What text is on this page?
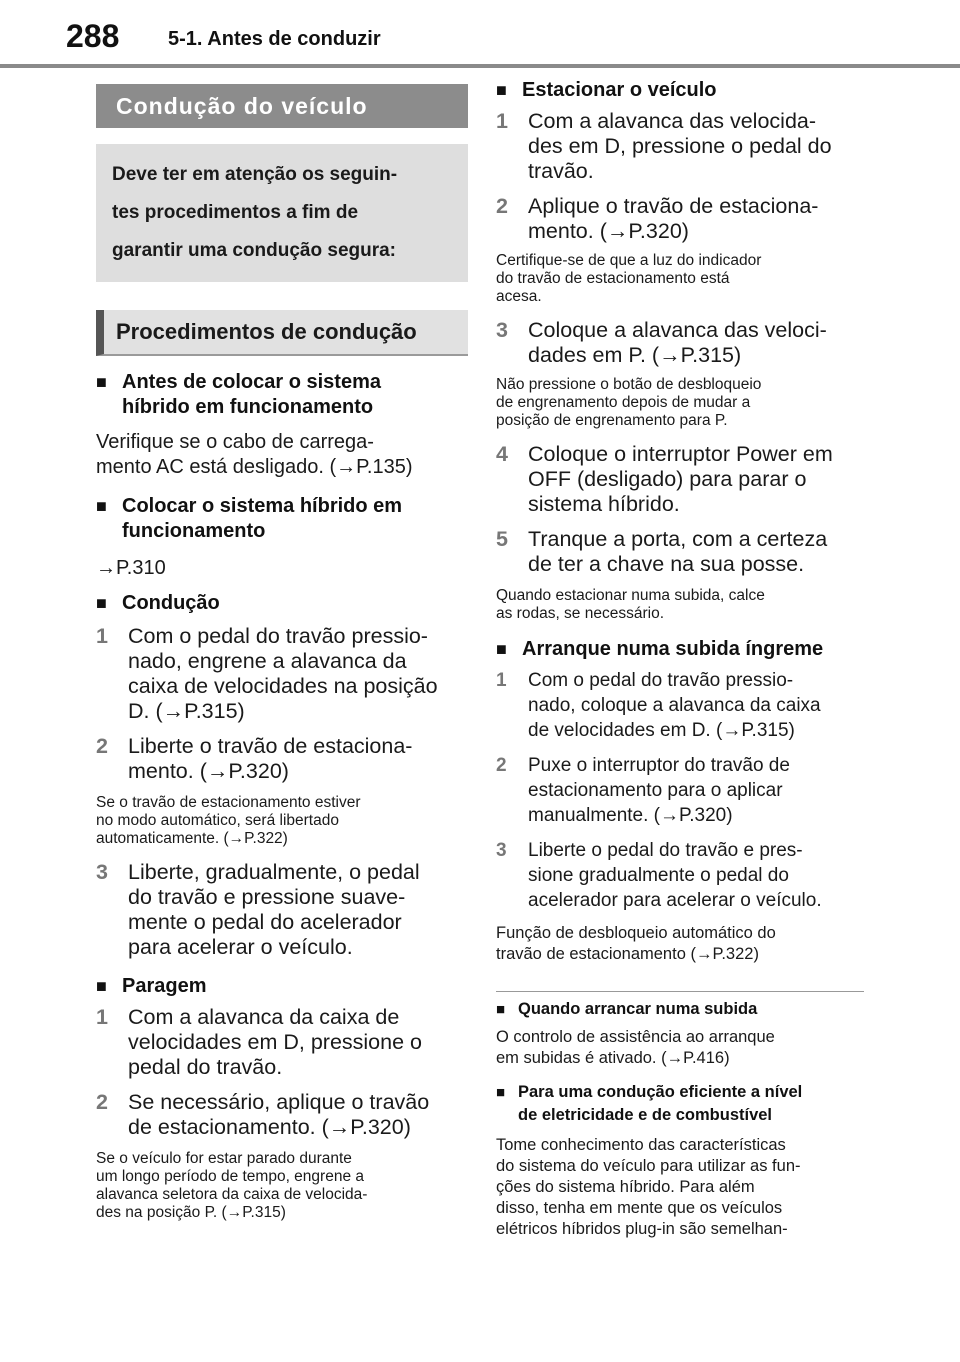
288 5-1. Antes de conduzir
Condução do veículo
Deve ter em atenção os seguin-
tes procedimentos a fim de
garantir uma condução segura:
Procedimentos de condução
■ Antes de colocar o sistema
híbrido em funcionamento
Verifique se o cabo de carrega-
mento AC está desligado. (→P.135)
■ Colocar o sistema híbrido em
funcionamento
→P.310
■ Condução
1 Com o pedal do travão pressio-
nado, engrene a alavanca da
caixa de velocidades na posição
D. (→P.315)
2 Liberte o travão de estaciona-
mento. (→P.320)
Se o travão de estacionamento estiver
no modo automático, será libertado
automaticamente. (→P.322)
3 Liberte, gradualmente, o pedal
do travão e pressione suave-
mente o pedal do acelerador
para acelerar o veículo.
■ Paragem
1 Com a alavanca da caixa de
velocidades em D, pressione o
pedal do travão.
2 Se necessário, aplique o travão
de estacionamento. (→P.320)
Se o veículo for estar parado durante
um longo período de tempo, engrene a
alavanca seletora da caixa de velocida-
des na posição P. (→P.315)
■ Estacionar o veículo
1 Com a alavanca das velocida-
des em D, pressione o pedal do
travão.
2 Aplique o travão de estaciona-
mento. (→P.320)
Certifique-se de que a luz do indicador
do travão de estacionamento está
acesa.
3 Coloque a alavanca das veloci-
dades em P. (→P.315)
Não pressione o botão de desbloqueio
de engrenamento depois de mudar a
posição de engrenamento para P.
4 Coloque o interruptor Power em
OFF (desligado) para parar o
sistema híbrido.
5 Tranque a porta, com a certeza
de ter a chave na sua posse.
Quando estacionar numa subida, calce
as rodas, se necessário.
■ Arranque numa subida íngreme
1	Com o pedal do travão pressio-
nado, coloque a alavanca da caixa
de velocidades em D. (→P.315)
2	Puxe o interruptor do travão de
estacionamento para o aplicar
manualmente. (→P.320)
3	Liberte o pedal do travão e pres-
sione gradualmente o pedal do
acelerador para acelerar o veículo.
Função de desbloqueio automático do
travão de estacionamento (→P.322)
■ Quando arrancar numa subida
O controlo de assistência ao arranque
em subidas é ativado. (→P.416)
■ Para uma condução eficiente a nível
de eletricidade e de combustível
Tome conhecimento das características
do sistema do veículo para utilizar as fun-
ções do sistema híbrido. Para além
disso, tenha em mente que os veículos
elétricos híbridos plug-in são semelhan-
